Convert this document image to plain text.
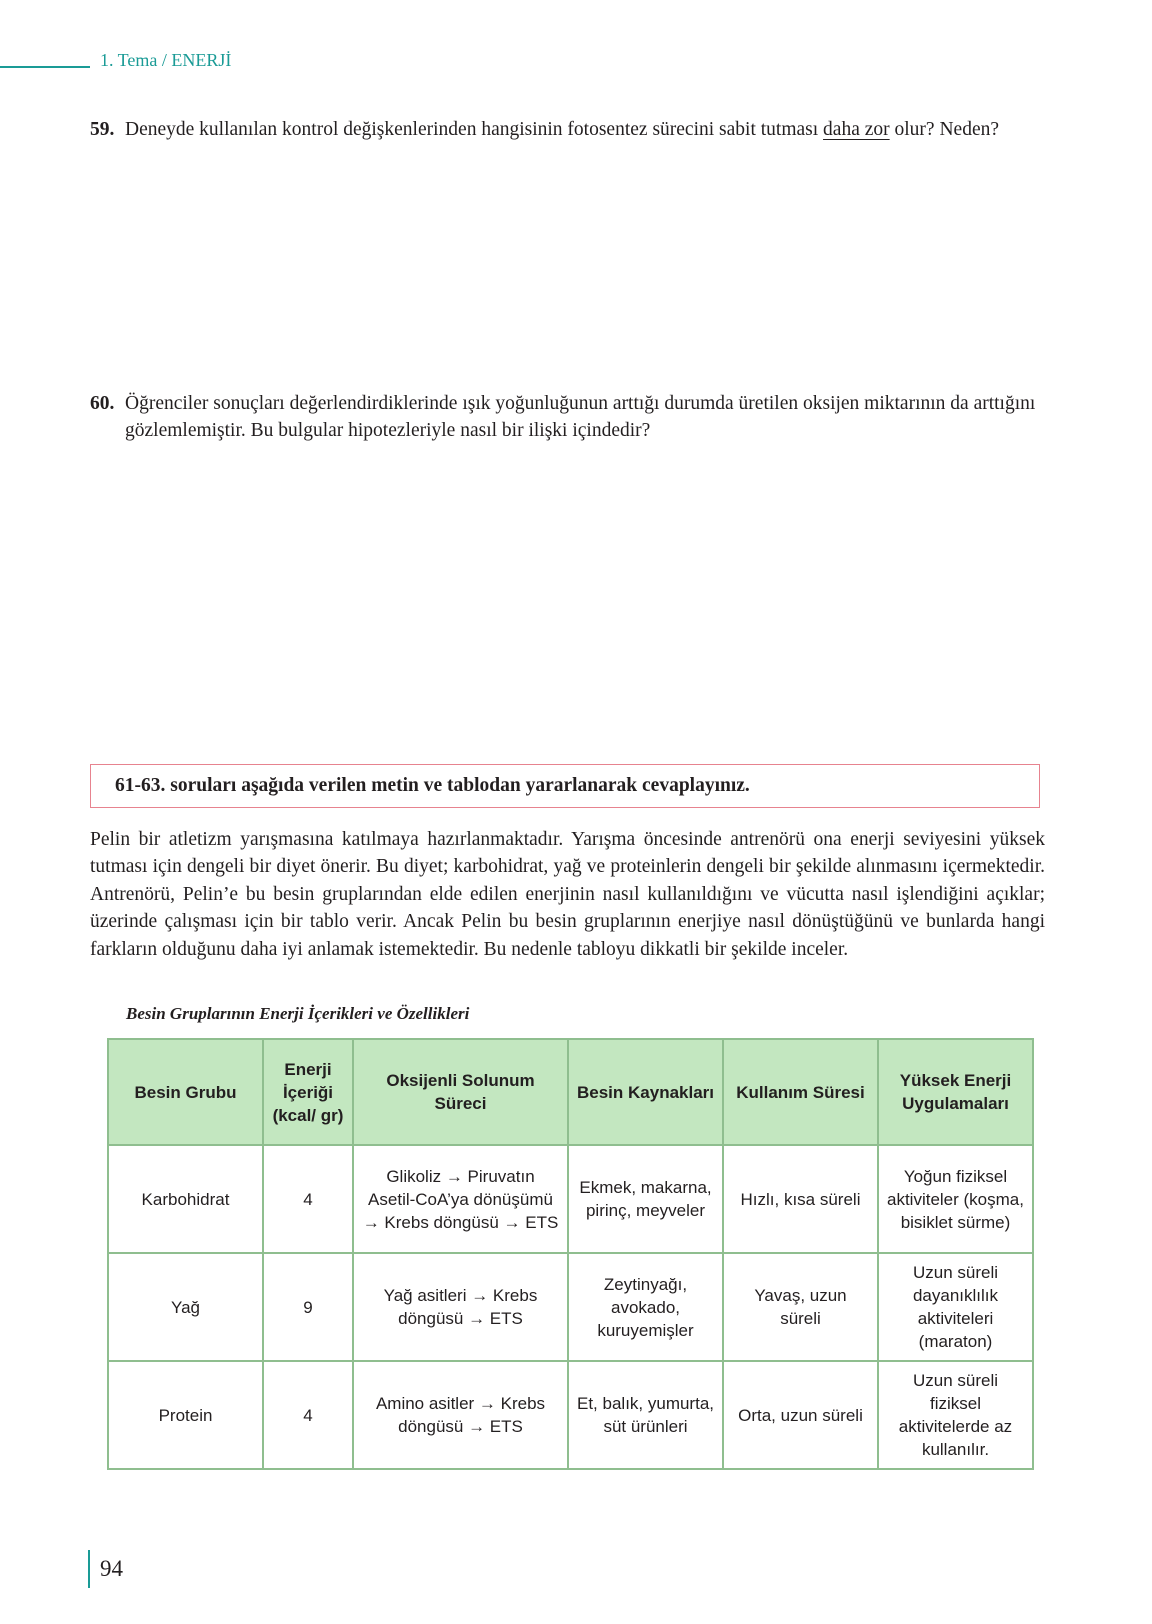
1. Tema / ENERJİ
59. Deneyde kullanılan kontrol değişkenlerinden hangisinin fotosentez sürecini sabit tutması daha zor olur? Neden?
60. Öğrenciler sonuçları değerlendirdiklerinde ışık yoğunluğunun arttığı durumda üretilen oksijen miktarının da arttığını gözlemlemiştir. Bu bulgular hipotezleriyle nasıl bir ilişki içindedir?
61-63. soruları aşağıda verilen metin ve tablodan yararlanarak cevaplayınız.
Pelin bir atletizm yarışmasına katılmaya hazırlanmaktadır. Yarışma öncesinde antrenörü ona enerji seviyesini yüksek tutması için dengeli bir diyet önerir. Bu diyet; karbohidrat, yağ ve proteinlerin dengeli bir şekilde alınmasını içermektedir. Antrenörü, Pelin’e bu besin gruplarından elde edilen enerjinin nasıl kullanıldığını ve vücutta nasıl işlendiğini açıklar; üzerinde çalışması için bir tablo verir. Ancak Pelin bu besin gruplarının enerjiye nasıl dönüştüğünü ve bunlarda hangi farkların olduğunu daha iyi anlamak istemektedir. Bu nedenle tabloyu dikkatli bir şekilde inceler.
Besin Gruplarının Enerji İçerikleri ve Özellikleri
Besin Grubu	Enerji İçeriği (kcal/ gr)	Oksijenli Solunum Süreci	Besin Kaynakları	Kullanım Süresi	Yüksek Enerji Uygulamaları
Karbohidrat	4	Glikoliz → Piruvatın Asetil-CoA’ya dönüşümü → Krebs döngüsü → ETS	Ekmek, makarna, pirinç, meyveler	Hızlı, kısa süreli	Yoğun fiziksel aktiviteler (koşma, bisiklet sürme)
Yağ	9	Yağ asitleri → Krebs döngüsü → ETS	Zeytinyağı, avokado, kuruyemişler	Yavaş, uzun süreli	Uzun süreli dayanıklılık aktiviteleri (maraton)
Protein	4	Amino asitler → Krebs döngüsü → ETS	Et, balık, yumurta, süt ürünleri	Orta, uzun süreli	Uzun süreli fiziksel aktivitelerde az kullanılır.
94
